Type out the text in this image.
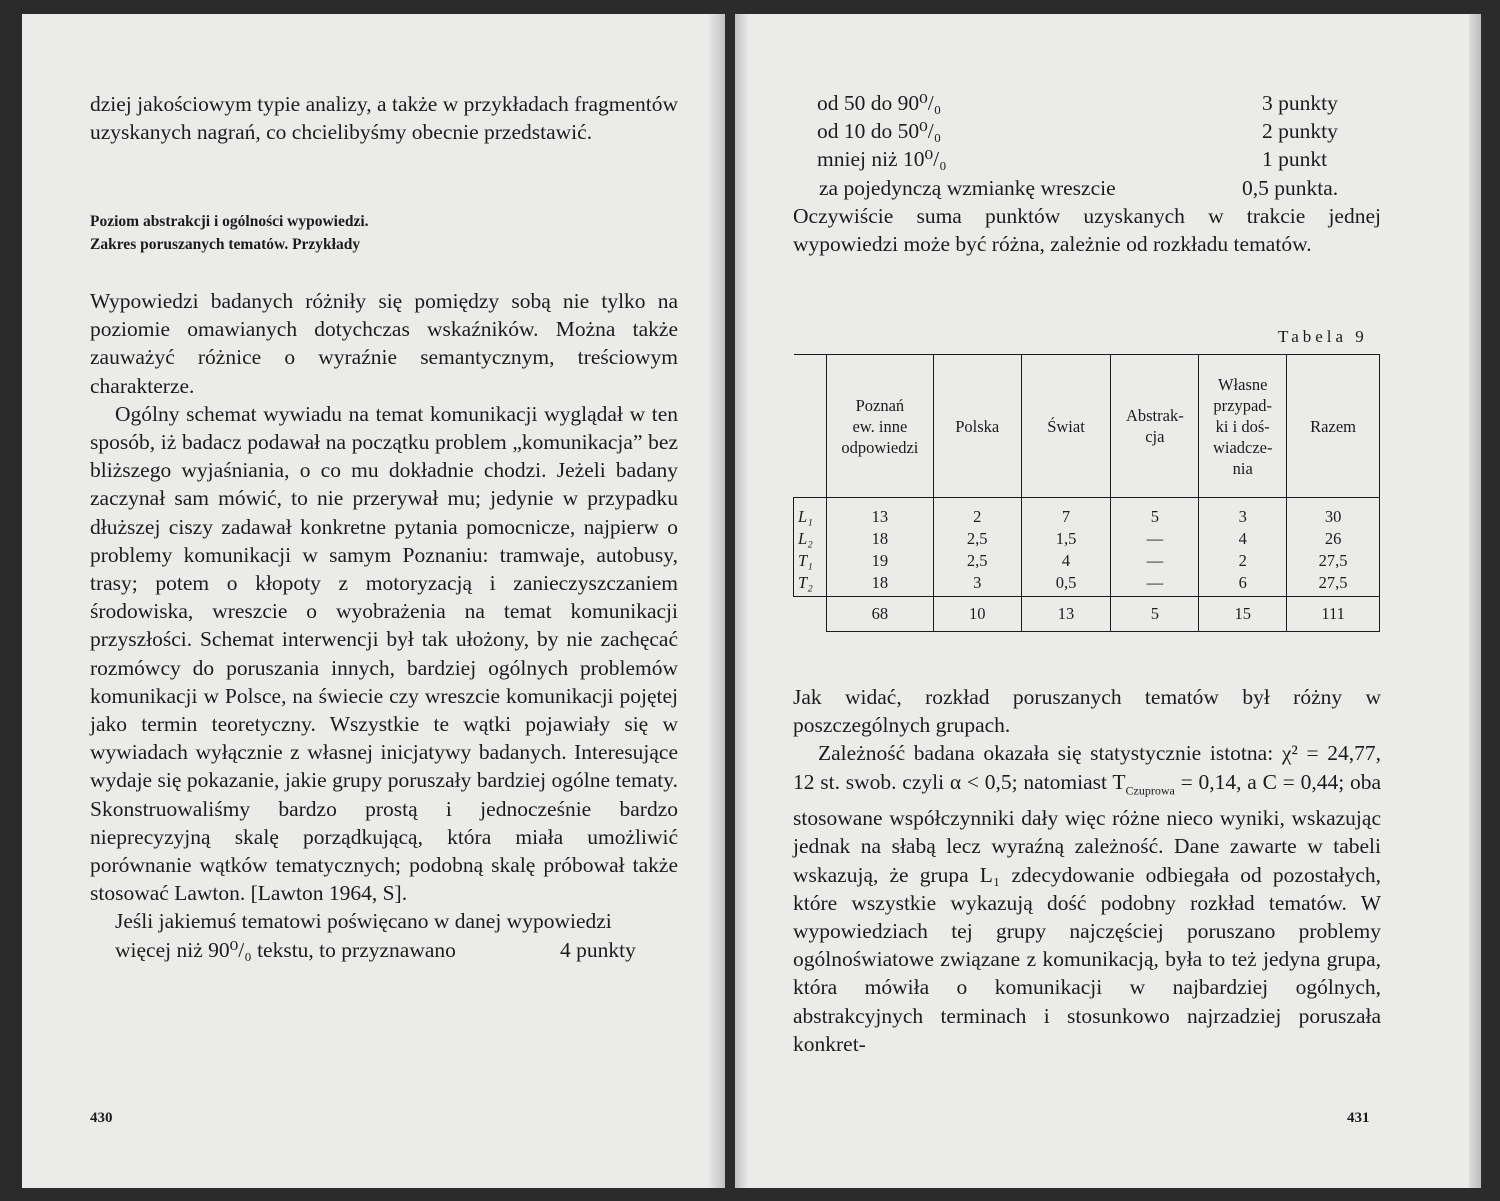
dziej jakościowym typie analizy, a także w przykładach fragmentów uzyskanych nagrań, co chcielibyśmy obecnie przedstawić.

Poziom abstrakcji i ogólności wypowiedzi.
Zakres poruszanych tematów. Przykłady

Wypowiedzi badanych różniły się pomiędzy sobą nie tylko na poziomie omawianych dotychczas wskaźników. Można także zauważyć różnice o wyraźnie semantycznym, treściowym charakterze.

Ogólny schemat wywiadu na temat komunikacji wyglądał w ten sposób, iż badacz podawał na początku problem „komunikacja” bez bliższego wyjaśniania, o co mu dokładnie chodzi. Jeżeli badany zaczynał sam mówić, to nie przerywał mu; jedynie w przypadku dłuższej ciszy zadawał konkretne pytania pomocnicze, najpierw o problemy komunikacji w samym Poznaniu: tramwaje, autobusy, trasy; potem o kłopoty z motoryzacją i zanieczyszczaniem środowiska, wreszcie o wyobrażenia na temat komunikacji przyszłości. Schemat interwencji był tak ułożony, by nie zachęcać rozmówcy do poruszania innych, bardziej ogólnych problemów komunikacji w Polsce, na świecie czy wreszcie komunikacji pojętej jako termin teoretyczny. Wszystkie te wątki pojawiały się w wywiadach wyłącznie z własnej inicjatywy badanych. Interesujące wydaje się pokazanie, jakie grupy poruszały bardziej ogólne tematy. Skonstruowaliśmy bardzo prostą i jednocześnie bardzo nieprecyzyjną skalę porządkującą, która miała umożliwić porównanie wątków tematycznych; podobną skalę próbował także stosować Lawton. [Lawton 1964, S].

Jeśli jakiemuś tematowi poświęcano w danej wypowiedzi

więcej niż 90⁰/₀ tekstu, to przyznawano	4 punkty
430
od 50 do 90⁰/₀	3 punkty
od 10 do 50⁰/₀	2 punkty
mniej niż 10⁰/₀	1 punkt
za pojedynczą wzmiankę wreszcie	0,5 punkta.

Oczywiście suma punktów uzyskanych w trakcie jednej wypowiedzi może być różna, zależnie od rozkładu tematów.

Tabela 9
	Poznań
ew. inne
odpowiedzi	Polska	Świat	Abstrak-
cja	Własne
przypad-
ki i doś-
wiadcze-
nia	Razem
L₁	13	2	7	5	3	30
L₂	18	2,5	1,5	—	4	26
T₁	19	2,5	4	—	2	27,5
T₂	18	3	0,5	—	6	27,5
	68	10	13	5	15	111

Jak widać, rozkład poruszanych tematów był różny w poszczególnych grupach.

Zależność badana okazała się statystycznie istotna: χ² = 24,77, 12 st. swob. czyli α < 0,5; natomiast $T_{Czuprowa} = 0,14$, a C = 0,44; oba stosowane współczynniki dały więc różne nieco wyniki, wskazując jednak na słabą lecz wyraźną zależność. Dane zawarte w tabeli wskazują, że grupa L₁ zdecydowanie odbiegała od pozostałych, które wszystkie wykazują dość podobny rozkład tematów. W wypowiedziach tej grupy najczęściej poruszano problemy ogólnoświatowe związane z komunikacją, była to też jedyna grupa, która mówiła o komunikacji w najbardziej ogólnych, abstrakcyjnych terminach i stosunkowo najrzadziej poruszała konkret-

431
